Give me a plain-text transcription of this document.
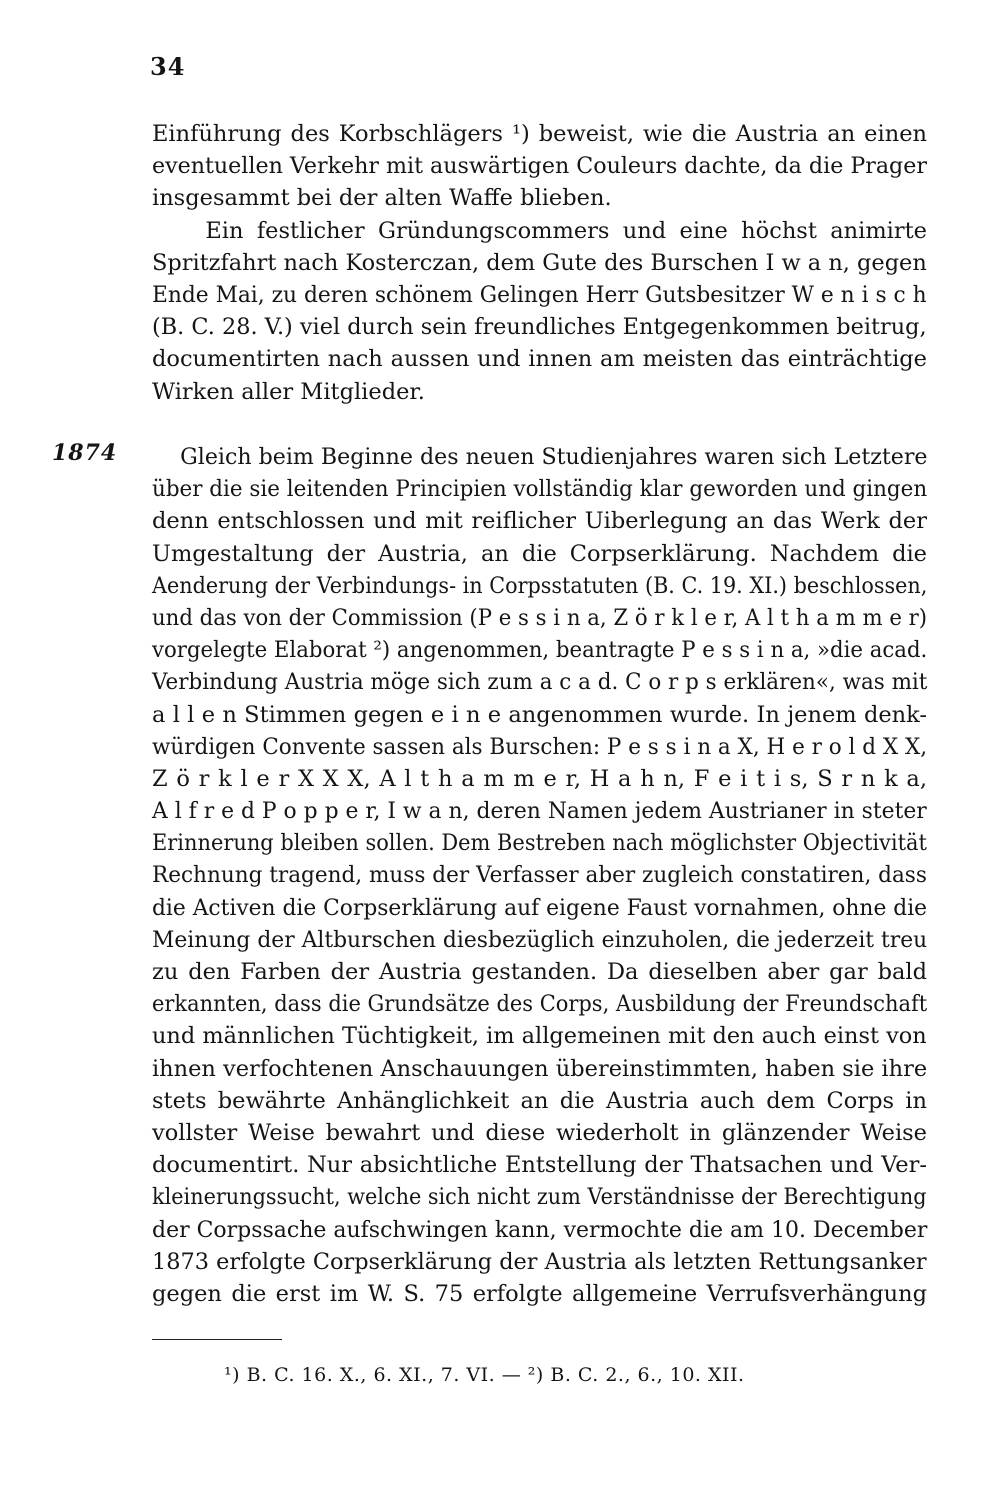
34
1874
Einführung des Korbschlägers ¹) beweist, wie die Austria an einen
eventuellen Verkehr mit auswärtigen Couleurs dachte, da die Prager
insgesammt bei der alten Waffe blieben.
Ein festlicher Gründungscommers und eine höchst animirte
Spritzfahrt nach Kosterczan, dem Gute des Burschen I w a n, gegen
Ende Mai, zu deren schönem Gelingen Herr Gutsbesitzer W e n i s c h
(B. C. 28. V.) viel durch sein freundliches Entgegenkommen beitrug,
documentirten nach aussen und innen am meisten das einträchtige
Wirken aller Mitglieder.
Gleich beim Beginne des neuen Studienjahres waren sich Letztere
über die sie leitenden Principien vollständig klar geworden und gingen
denn entschlossen und mit reiflicher Uiberlegung an das Werk der
Umgestaltung der Austria, an die Corpserklärung. Nachdem die
Aenderung der Verbindungs- in Corpsstatuten (B. C. 19. XI.) beschlossen,
und das von der Commission (P e s s i n a, Z ö r k l e r, A l t h a m m e r)
vorgelegte Elaborat ²) angenommen, beantragte P e s s i n a, »die acad.
Verbindung Austria möge sich zum a c a d. C o r p s erklären«, was mit
a l l e n Stimmen gegen e i n e angenommen wurde. In jenem denk-
würdigen Convente sassen als Burschen: P e s s i n a X, H e r o l d X X,
Z ö r k l e r X X X, A l t h a m m e r, H a h n, F e i t i s, S r n k a,
A l f r e d P o p p e r, I w a n, deren Namen jedem Austrianer in steter
Erinnerung bleiben sollen. Dem Bestreben nach möglichster Objectivität
Rechnung tragend, muss der Verfasser aber zugleich constatiren, dass
die Activen die Corpserklärung auf eigene Faust vornahmen, ohne die
Meinung der Altburschen diesbezüglich einzuholen, die jederzeit treu
zu den Farben der Austria gestanden. Da dieselben aber gar bald
erkannten, dass die Grundsätze des Corps, Ausbildung der Freundschaft
und männlichen Tüchtigkeit, im allgemeinen mit den auch einst von
ihnen verfochtenen Anschauungen übereinstimmten, haben sie ihre
stets bewährte Anhänglichkeit an die Austria auch dem Corps in
vollster Weise bewahrt und diese wiederholt in glänzender Weise
documentirt. Nur absichtliche Entstellung der Thatsachen und Ver-
kleinerungssucht, welche sich nicht zum Verständnisse der Berechtigung
der Corpssache aufschwingen kann, vermochte die am 10. December
1873 erfolgte Corpserklärung der Austria als letzten Rettungsanker
gegen die erst im W. S. 75 erfolgte allgemeine Verrufsverhängung
¹) B. C. 16. X., 6. XI., 7. VI. — ²) B. C. 2., 6., 10. XII.
